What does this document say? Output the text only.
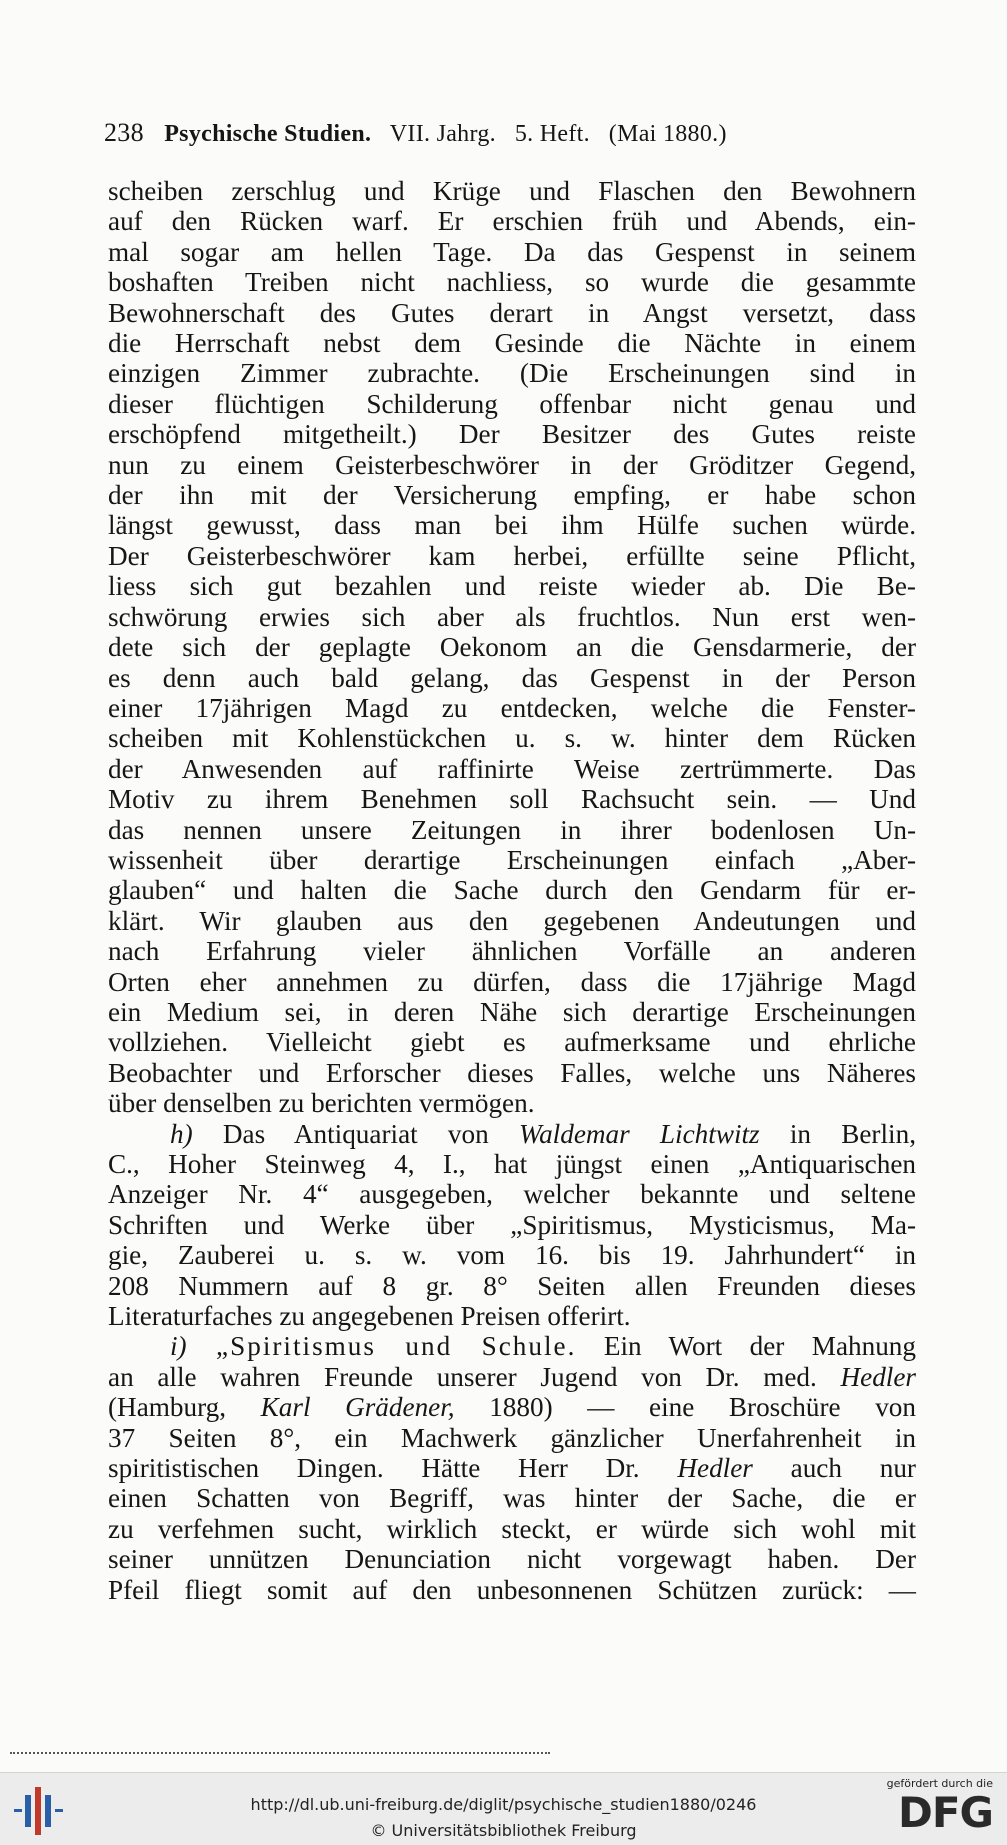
238 Psychische Studien. VII. Jahrg. 5. Heft. (Mai 1880.)
scheiben zerschlug und Krüge und Flaschen den Bewohnern
auf den Rücken warf. Er erschien früh und Abends, ein-
mal sogar am hellen Tage. Da das Gespenst in seinem
boshaften Treiben nicht nachliess, so wurde die gesammte
Bewohnerschaft des Gutes derart in Angst versetzt, dass
die Herrschaft nebst dem Gesinde die Nächte in einem
einzigen Zimmer zubrachte. (Die Erscheinungen sind in
dieser flüchtigen Schilderung offenbar nicht genau und
erschöpfend mitgetheilt.) Der Besitzer des Gutes reiste
nun zu einem Geisterbeschwörer in der Gröditzer Gegend,
der ihn mit der Versicherung empfing, er habe schon
längst gewusst, dass man bei ihm Hülfe suchen würde.
Der Geisterbeschwörer kam herbei, erfüllte seine Pflicht,
liess sich gut bezahlen und reiste wieder ab. Die Be-
schwörung erwies sich aber als fruchtlos. Nun erst wen-
dete sich der geplagte Oekonom an die Gensdarmerie, der
es denn auch bald gelang, das Gespenst in der Person
einer 17jährigen Magd zu entdecken, welche die Fenster-
scheiben mit Kohlenstückchen u. s. w. hinter dem Rücken
der Anwesenden auf raffinirte Weise zertrümmerte. Das
Motiv zu ihrem Benehmen soll Rachsucht sein. — Und
das nennen unsere Zeitungen in ihrer bodenlosen Un-
wissenheit über derartige Erscheinungen einfach „Aber-
glauben“ und halten die Sache durch den Gendarm für er-
klärt. Wir glauben aus den gegebenen Andeutungen und
nach Erfahrung vieler ähnlichen Vorfälle an anderen
Orten eher annehmen zu dürfen, dass die 17jährige Magd
ein Medium sei, in deren Nähe sich derartige Erscheinungen
vollziehen. Vielleicht giebt es aufmerksame und ehrliche
Beobachter und Erforscher dieses Falles, welche uns Näheres
über denselben zu berichten vermögen.
h) Das Antiquariat von Waldemar Lichtwitz in Berlin,
C., Hoher Steinweg 4, I., hat jüngst einen „Antiquarischen
Anzeiger Nr. 4“ ausgegeben, welcher bekannte und seltene
Schriften und Werke über „Spiritismus, Mysticismus, Ma-
gie, Zauberei u. s. w. vom 16. bis 19. Jahrhundert“ in
208 Nummern auf 8 gr. 8° Seiten allen Freunden dieses
Literaturfaches zu angegebenen Preisen offerirt.
i) „Spiritismus und Schule. Ein Wort der Mahnung
an alle wahren Freunde unserer Jugend von Dr. med. Hedler
(Hamburg, Karl Grädener, 1880) — eine Broschüre von
37 Seiten 8°, ein Machwerk gänzlicher Unerfahrenheit in
spiritistischen Dingen. Hätte Herr Dr. Hedler auch nur
einen Schatten von Begriff, was hinter der Sache, die er
zu verfehmen sucht, wirklich steckt, er würde sich wohl mit
seiner unnützen Denunciation nicht vorgewagt haben. Der
Pfeil fliegt somit auf den unbesonnenen Schützen zurück: —
http://dl.ub.uni-freiburg.de/diglit/psychische_studien1880/0246
© Universitätsbibliothek Freiburg
gefördert durch die
DFG
